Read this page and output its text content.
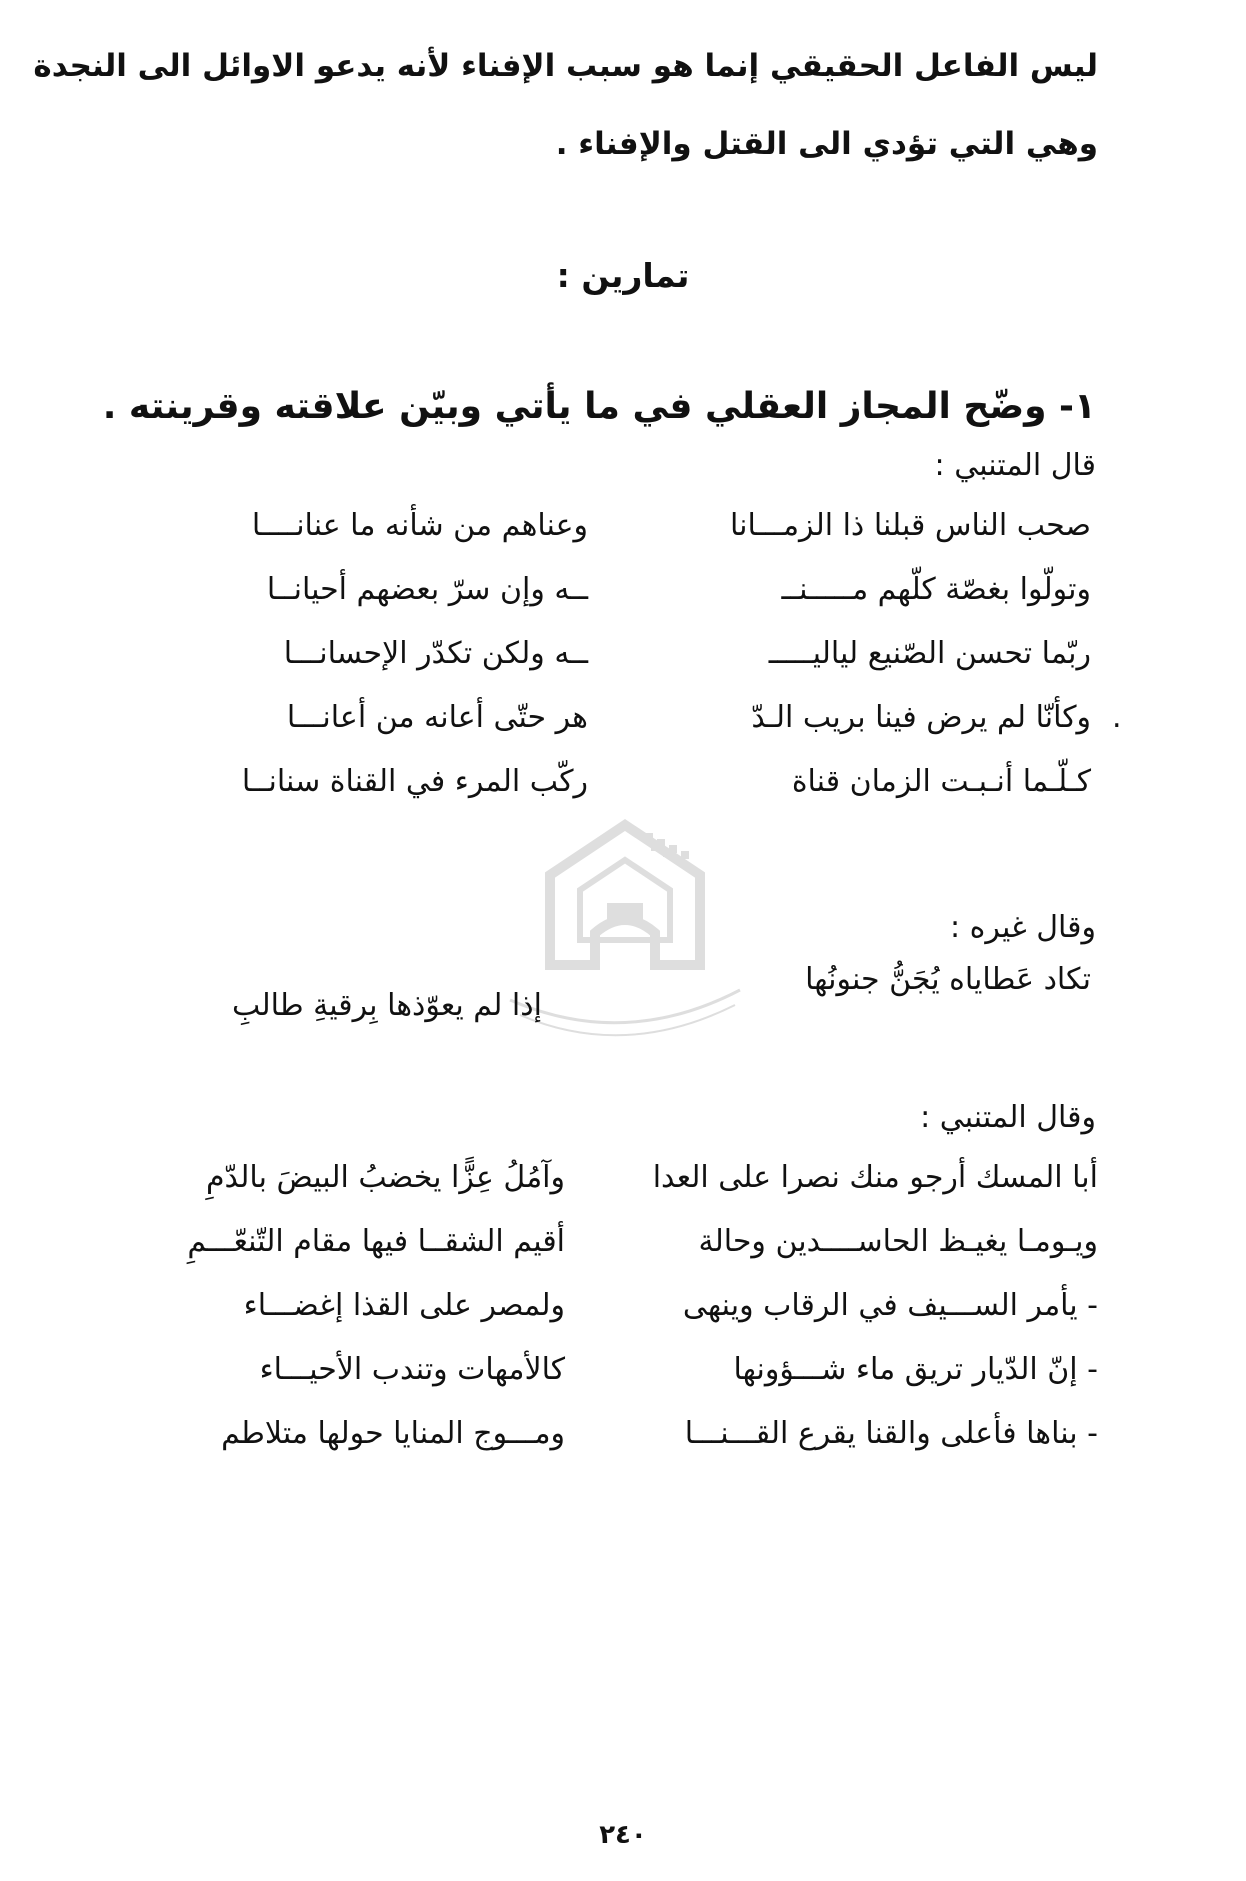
ليس الفاعل الحقيقي إنما هو سبب الإفناء لأنه يدعو الاوائل الى النجدة
وهي التي تؤدي الى القتل والإفناء .
تمارين :
١- وضّح المجاز العقلي في ما يأتي وبيّن علاقته وقرينته .
قال المتنبي :
صحب الناس قبلنا ذا الزمـــانا
وعناهم من شأنه ما عنانــــا
وتولّوا بغصّة كلّهم مـــــنــ
ــه وإن سرّ بعضهم أحيانــا
ربّما تحسن الصّنيع لياليـــــ
ــه ولكن تكدّر الإحسانـــا
.
وكأنّا لم يرض فينا بريب الـدّ
هر حتّى أعانه من أعانـــا
كـلّـما أنـبـت الزمان قناة
ركّب المرء في القناة سنانــا
وقال غيره :
تكاد عَطاياه يُجَنُّ جنونُها
إذا لم يعوّذها بِرقيةِ طالبِ
وقال المتنبي :
أبا المسك أرجو منك نصرا على العدا
وآمُلُ عِزًّا يخضبُ البيضَ بالدّمِ
ويـومـا يغيـظ الحاســــدين وحالة
أقيم الشقــا فيها مقام التّنعّـــمِ
- يأمر الســـيف في الرقاب وينهى
ولمصر على القذا إغضـــاء
- إنّ الدّيار تريق ماء شـــؤونها
كالأمهات وتندب الأحيـــاء
- بناها فأعلى والقنا يقرع القـــنـــا
ومـــوج المنايا حولها متلاطم
٢٤٠
